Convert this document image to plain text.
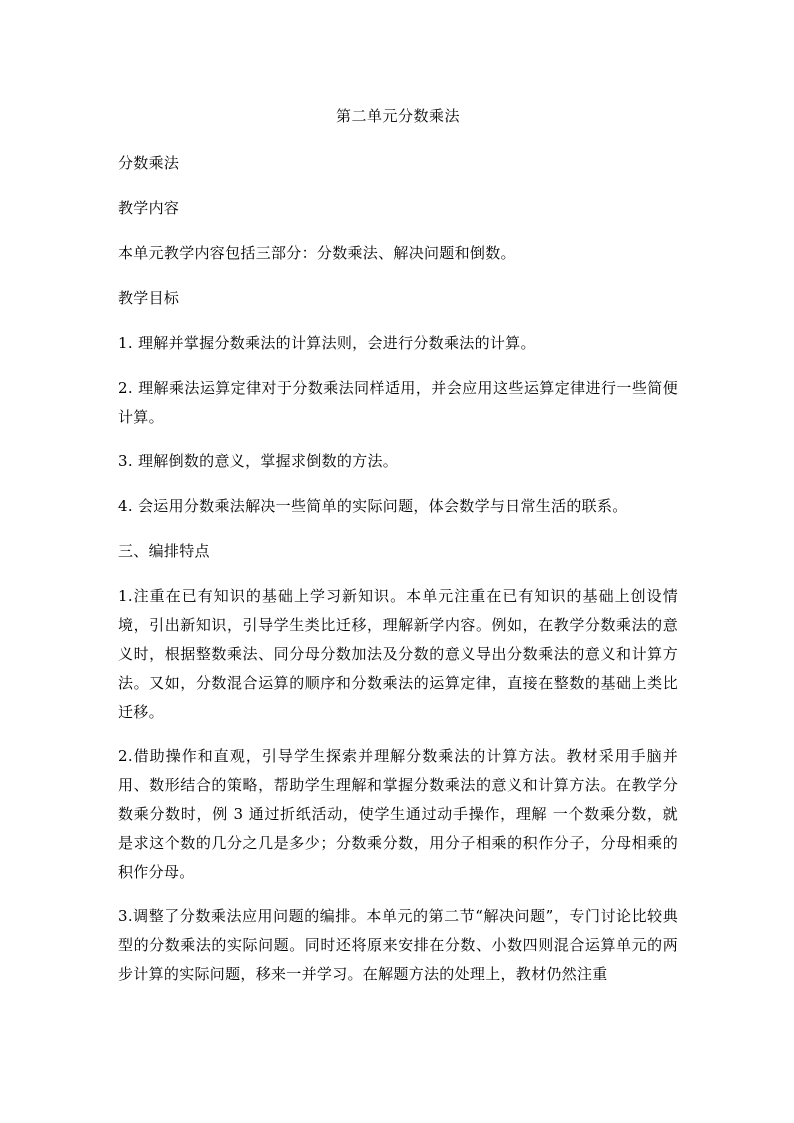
第二单元分数乘法
分数乘法
教学内容
本单元教学内容包括三部分：分数乘法、解决问题和倒数。
教学目标
1. 理解并掌握分数乘法的计算法则，会进行分数乘法的计算。
2. 理解乘法运算定律对于分数乘法同样适用，并会应用这些运算定律进行一些简便计算。
3. 理解倒数的意义，掌握求倒数的方法。
4. 会运用分数乘法解决一些简单的实际问题，体会数学与日常生活的联系。
三、编排特点
1.注重在已有知识的基础上学习新知识。本单元注重在已有知识的基础上创设情境，引出新知识，引导学生类比迁移，理解新学内容。例如，在教学分数乘法的意义时，根据整数乘法、同分母分数加法及分数的意义导出分数乘法的意义和计算方法。又如，分数混合运算的顺序和分数乘法的运算定律，直接在整数的基础上类比迁移。
2.借助操作和直观，引导学生探索并理解分数乘法的计算方法。教材采用手脑并用、数形结合的策略，帮助学生理解和掌握分数乘法的意义和计算方法。在教学分数乘分数时，例 3 通过折纸活动，使学生通过动手操作，理解 一个数乘分数，就是求这个数的几分之几是多少；分数乘分数，用分子相乘的积作分子，分母相乘的积作分母。
3.调整了分数乘法应用问题的编排。本单元的第二节“解决问题”，专门讨论比较典型的分数乘法的实际问题。同时还将原来安排在分数、小数四则混合运算单元的两步计算的实际问题，移来一并学习。在解题方法的处理上，教材仍然注重
